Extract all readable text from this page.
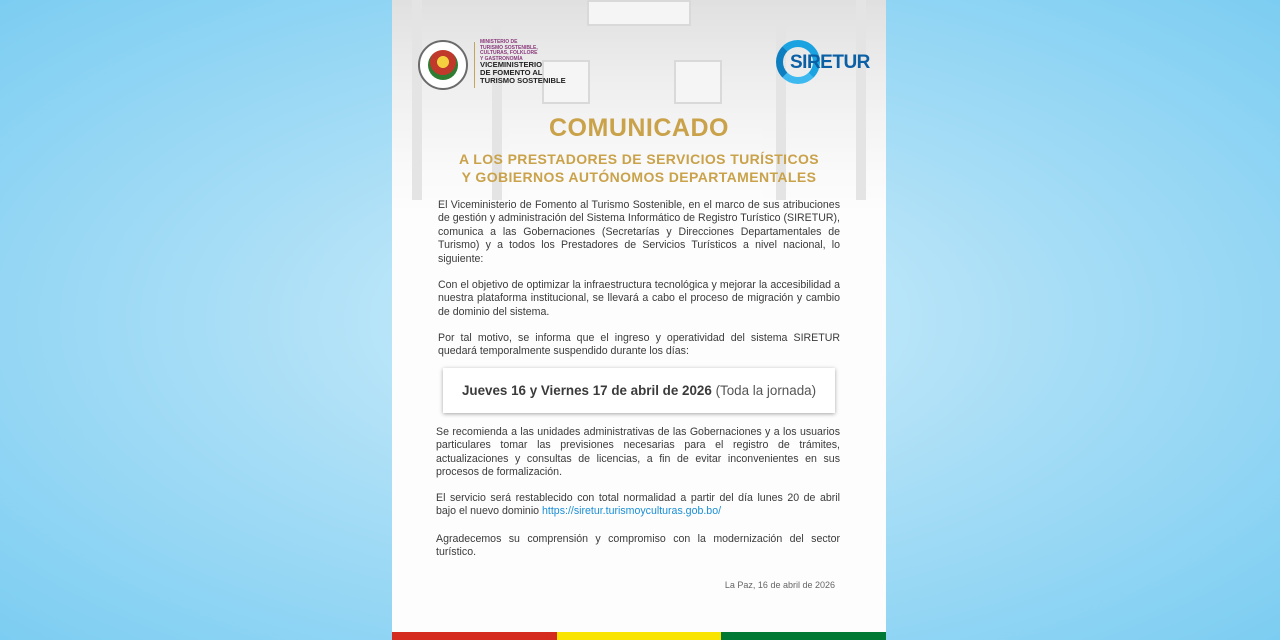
MINISTERIO DE
TURISMO SOSTENIBLE,
CULTURAS, FOLKLORE
Y GASTRONOMÍA
VICEMINISTERIO
DE FOMENTO AL
TURISMO SOSTENIBLE
SIRETUR
COMUNICADO
A LOS PRESTADORES DE SERVICIOS TURÍSTICOS
Y GOBIERNOS AUTÓNOMOS DEPARTAMENTALES
El Viceministerio de Fomento al Turismo Sostenible, en el marco de sus atribuciones de gestión y administración del Sistema Informático de Registro Turístico (SIRETUR), comunica a las Gobernaciones (Secretarías y Direcciones Departamentales de Turismo) y a todos los Prestadores de Servicios Turísticos a nivel nacional, lo siguiente:
Con el objetivo de optimizar la infraestructura tecnológica y mejorar la accesibilidad a nuestra plataforma institucional, se llevará a cabo el proceso de migración y cambio de dominio del sistema.
Por tal motivo, se informa que el ingreso y operatividad del sistema SIRETUR quedará temporalmente suspendido durante los días:
Jueves 16 y Viernes 17 de abril de 2026 (Toda la jornada)
Se recomienda a las unidades administrativas de las Gobernaciones y a los usuarios particulares tomar las previsiones necesarias para el registro de trámites, actualizaciones y consultas de licencias, a fin de evitar inconvenientes en sus procesos de formalización.
El servicio será restablecido con total normalidad a partir del día lunes 20 de abril bajo el nuevo dominio https://siretur.turismoyculturas.gob.bo/
Agradecemos su comprensión y compromiso con la modernización del sector turístico.
La Paz, 16 de abril de 2026
